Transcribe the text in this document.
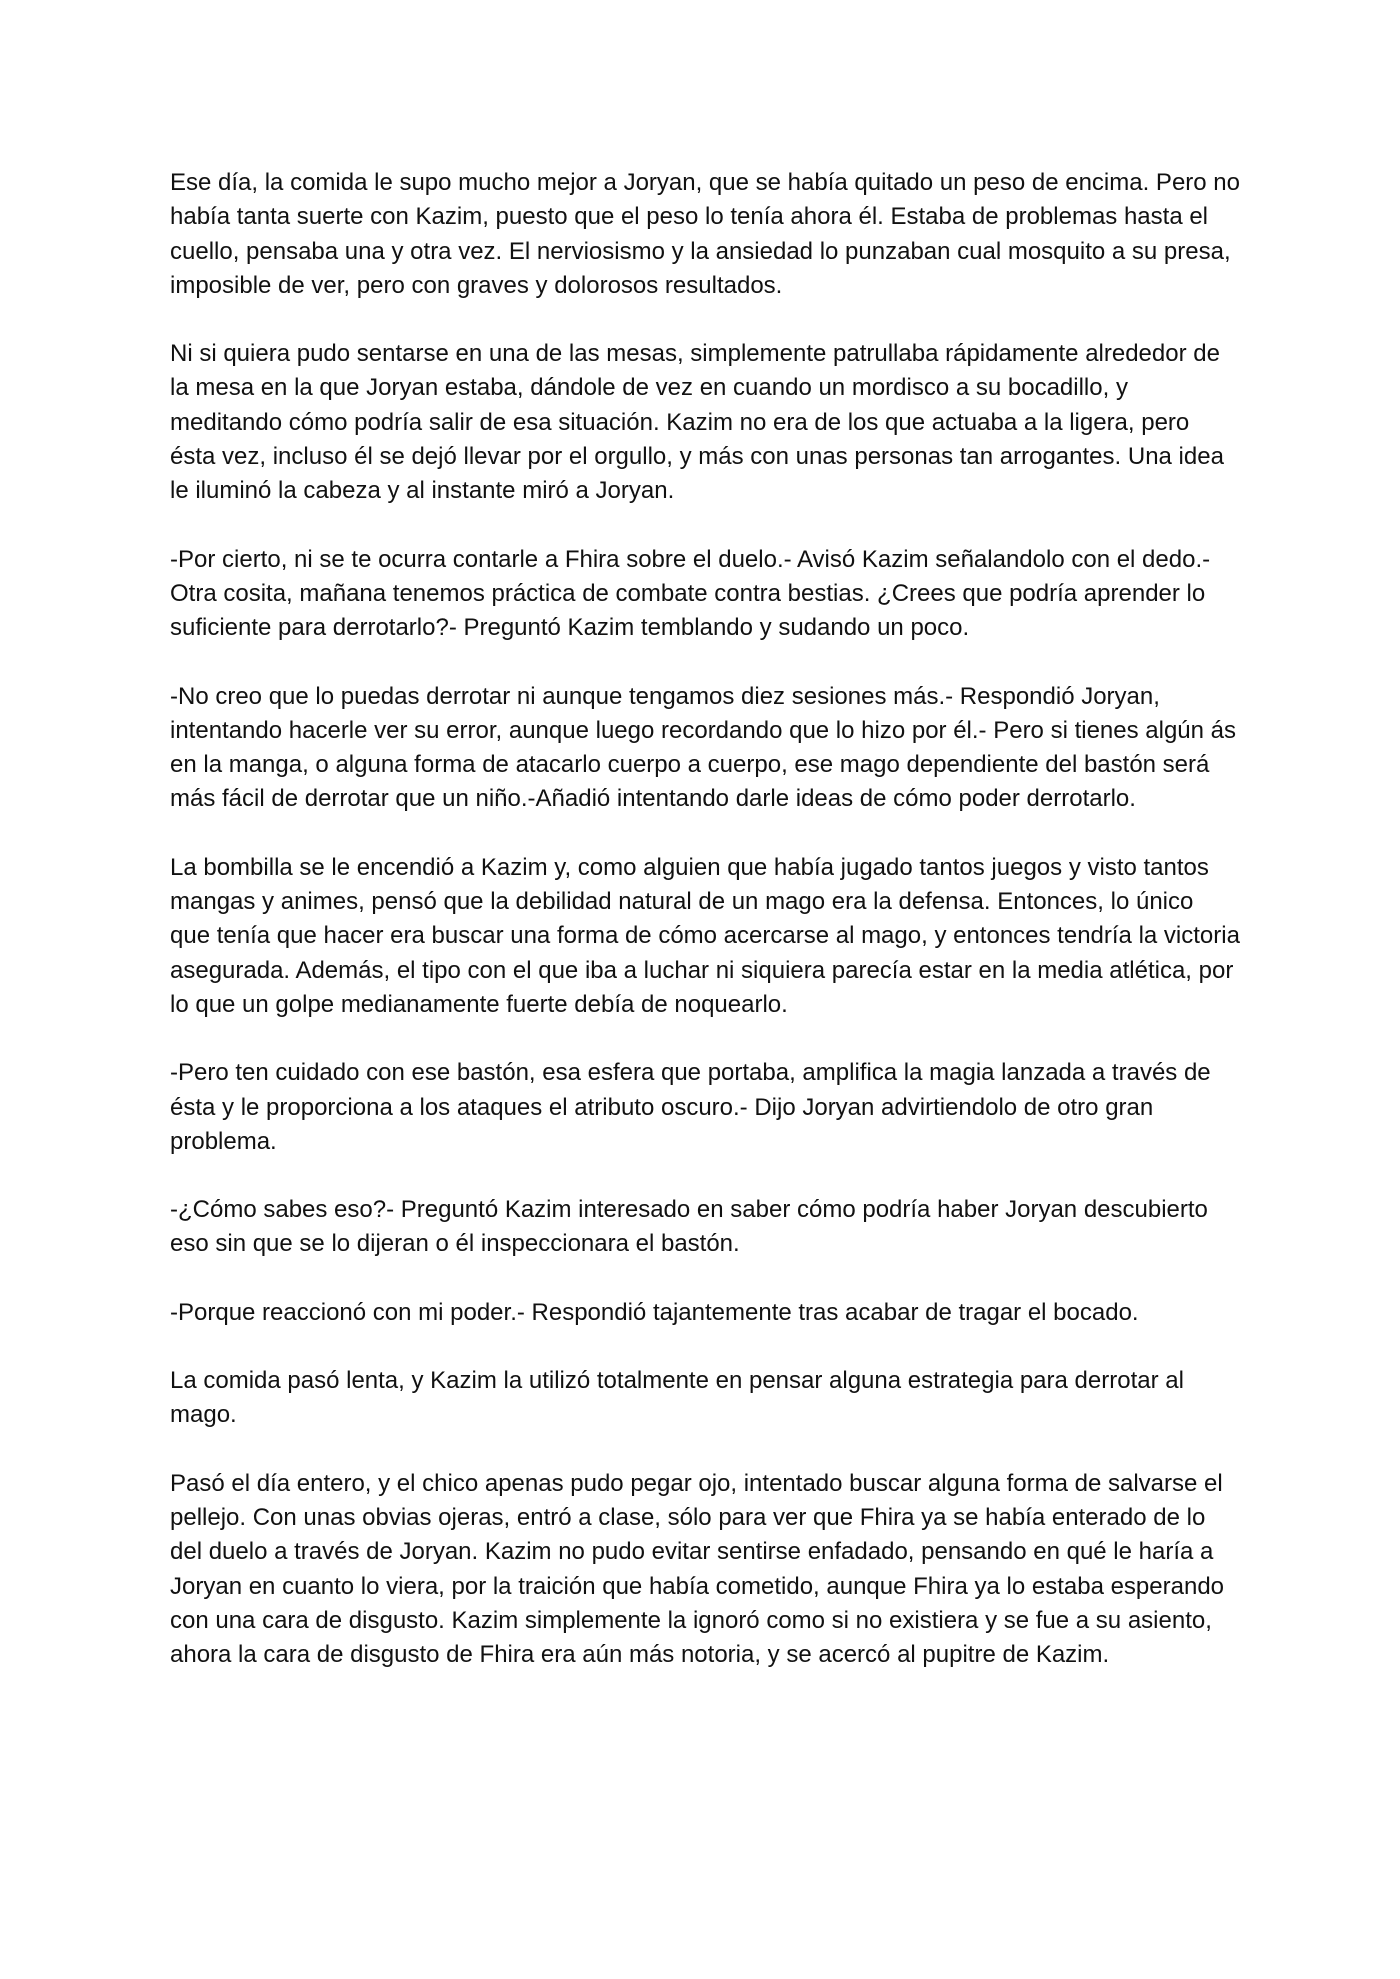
Ese día, la comida le supo mucho mejor a Joryan, que se había quitado un peso de encima. Pero no había tanta suerte con Kazim, puesto que el peso lo tenía ahora él. Estaba de problemas hasta el cuello, pensaba una y otra vez. El nerviosismo y la ansiedad lo punzaban cual mosquito a su presa, imposible de ver, pero con graves y dolorosos resultados.

Ni si quiera pudo sentarse en una de las mesas, simplemente patrullaba rápidamente alrededor de la mesa en la que Joryan estaba, dándole de vez en cuando un mordisco a su bocadillo, y meditando cómo podría salir de esa situación. Kazim no era de los que actuaba a la ligera, pero ésta vez, incluso él se dejó llevar por el orgullo, y más con unas personas tan arrogantes. Una idea le iluminó la cabeza y al instante miró a Joryan.

-Por cierto, ni se te ocurra contarle a Fhira sobre el duelo.- Avisó Kazim señalandolo con el dedo.- Otra cosita, mañana tenemos práctica de combate contra bestias. ¿Crees que podría aprender lo suficiente para derrotarlo?- Preguntó Kazim temblando y sudando un poco.

-No creo que lo puedas derrotar ni aunque tengamos diez sesiones más.- Respondió Joryan, intentando hacerle ver su error, aunque luego recordando que lo hizo por él.- Pero si tienes algún ás en la manga, o alguna forma de atacarlo cuerpo a cuerpo, ese mago dependiente del bastón será más fácil de derrotar que un niño.-Añadió intentando darle ideas de cómo poder derrotarlo.

La bombilla se le encendió a Kazim y, como alguien que había jugado tantos juegos y visto tantos mangas y animes, pensó que la debilidad natural de un mago era la defensa. Entonces, lo único que tenía que hacer era buscar una forma de cómo acercarse al mago, y entonces tendría la victoria asegurada. Además, el tipo con el que iba a luchar ni siquiera parecía estar en la media atlética, por lo que un golpe medianamente fuerte debía de noquearlo.

-Pero ten cuidado con ese bastón, esa esfera que portaba, amplifica la magia lanzada a través de ésta y le proporciona a los ataques el atributo oscuro.- Dijo Joryan advirtiendolo de otro gran problema.

-¿Cómo sabes eso?- Preguntó Kazim interesado en saber cómo podría haber Joryan descubierto eso sin que se lo dijeran o él inspeccionara el bastón.

-Porque reaccionó con mi poder.- Respondió tajantemente tras acabar de tragar el bocado.

La comida pasó lenta, y Kazim la utilizó totalmente en pensar alguna estrategia para derrotar al mago.

Pasó el día entero, y el chico apenas pudo pegar ojo, intentado buscar alguna forma de salvarse el pellejo. Con unas obvias ojeras, entró a clase, sólo para ver que Fhira ya se había enterado de lo del duelo a través de Joryan. Kazim no pudo evitar sentirse enfadado, pensando en qué le haría a Joryan en cuanto lo viera, por la traición que había cometido, aunque Fhira ya lo estaba esperando con una cara de disgusto. Kazim simplemente la ignoró como si no existiera y se fue a su asiento, ahora la cara de disgusto de Fhira era aún más notoria, y se acercó al pupitre de Kazim.
